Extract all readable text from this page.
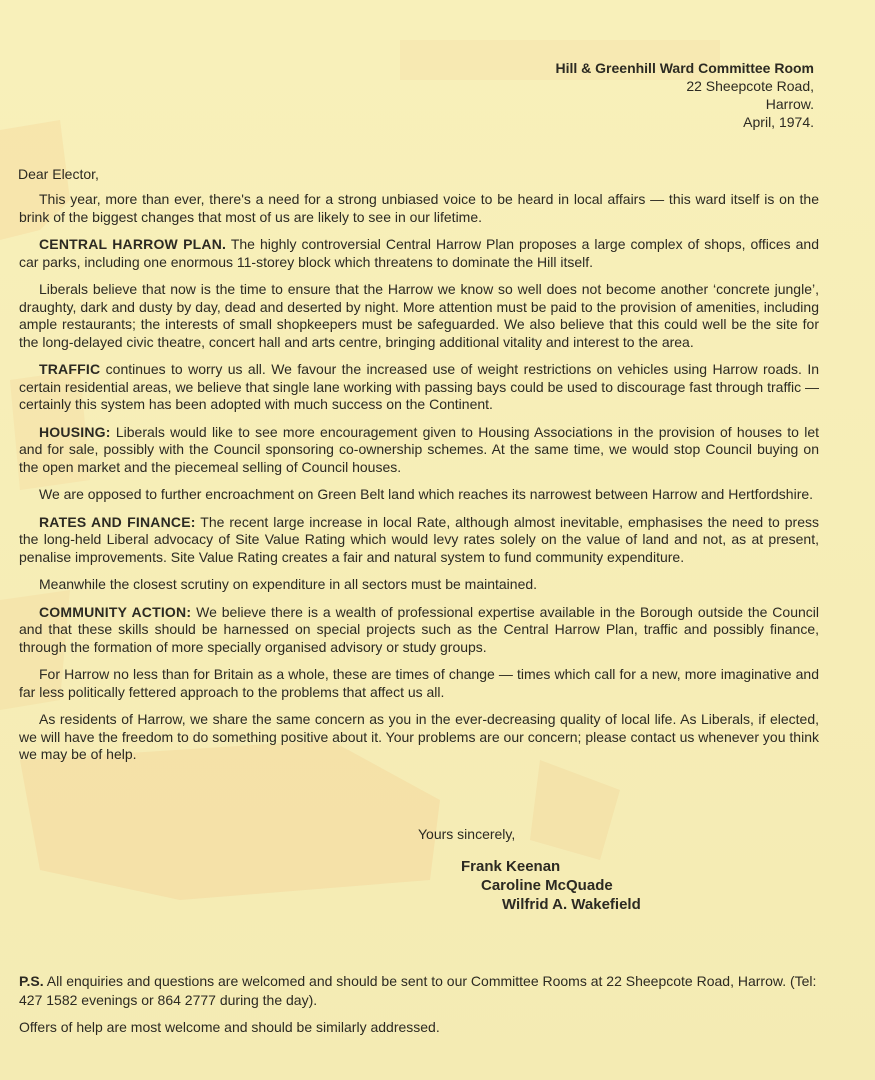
Hill & Greenhill Ward Committee Room
22 Sheepcote Road,
Harrow.
April, 1974.
Dear Elector,

This year, more than ever, there's a need for a strong unbiased voice to be heard in local affairs — this ward itself is on the brink of the biggest changes that most of us are likely to see in our lifetime.

CENTRAL HARROW PLAN. The highly controversial Central Harrow Plan proposes a large complex of shops, offices and car parks, including one enormous 11-storey block which threatens to dominate the Hill itself.

Liberals believe that now is the time to ensure that the Harrow we know so well does not become another ‘concrete jungle’, draughty, dark and dusty by day, dead and deserted by night. More attention must be paid to the provision of amenities, including ample restaurants; the interests of small shopkeepers must be safeguarded. We also believe that this could well be the site for the long-delayed civic theatre, concert hall and arts centre, bringing additional vitality and interest to the area.

TRAFFIC continues to worry us all. We favour the increased use of weight restrictions on vehicles using Harrow roads. In certain residential areas, we believe that single lane working with passing bays could be used to discourage fast through traffic — certainly this system has been adopted with much success on the Continent.

HOUSING: Liberals would like to see more encouragement given to Housing Associations in the provision of houses to let and for sale, possibly with the Council sponsoring co-ownership schemes. At the same time, we would stop Council buying on the open market and the piecemeal selling of Council houses.

We are opposed to further encroachment on Green Belt land which reaches its narrowest between Harrow and Hertfordshire.

RATES AND FINANCE: The recent large increase in local Rate, although almost inevitable, emphasises the need to press the long-held Liberal advocacy of Site Value Rating which would levy rates solely on the value of land and not, as at present, penalise improvements. Site Value Rating creates a fair and natural system to fund community expenditure.

Meanwhile the closest scrutiny on expenditure in all sectors must be maintained.

COMMUNITY ACTION: We believe there is a wealth of professional expertise available in the Borough outside the Council and that these skills should be harnessed on special projects such as the Central Harrow Plan, traffic and possibly finance, through the formation of more specially organised advisory or study groups.

For Harrow no less than for Britain as a whole, these are times of change — times which call for a new, more imaginative and far less politically fettered approach to the problems that affect us all.

As residents of Harrow, we share the same concern as you in the ever-decreasing quality of local life. As Liberals, if elected, we will have the freedom to do something positive about it. Your problems are our concern; please contact us whenever you think we may be of help.

Yours sincerely,
Frank Keenan
Caroline McQuade
Wilfrid A. Wakefield

P.S. All enquiries and questions are welcomed and should be sent to our Committee Rooms at 22 Sheepcote Road, Harrow. (Tel: 427 1582 evenings or 864 2777 during the day).

Offers of help are most welcome and should be similarly addressed.
